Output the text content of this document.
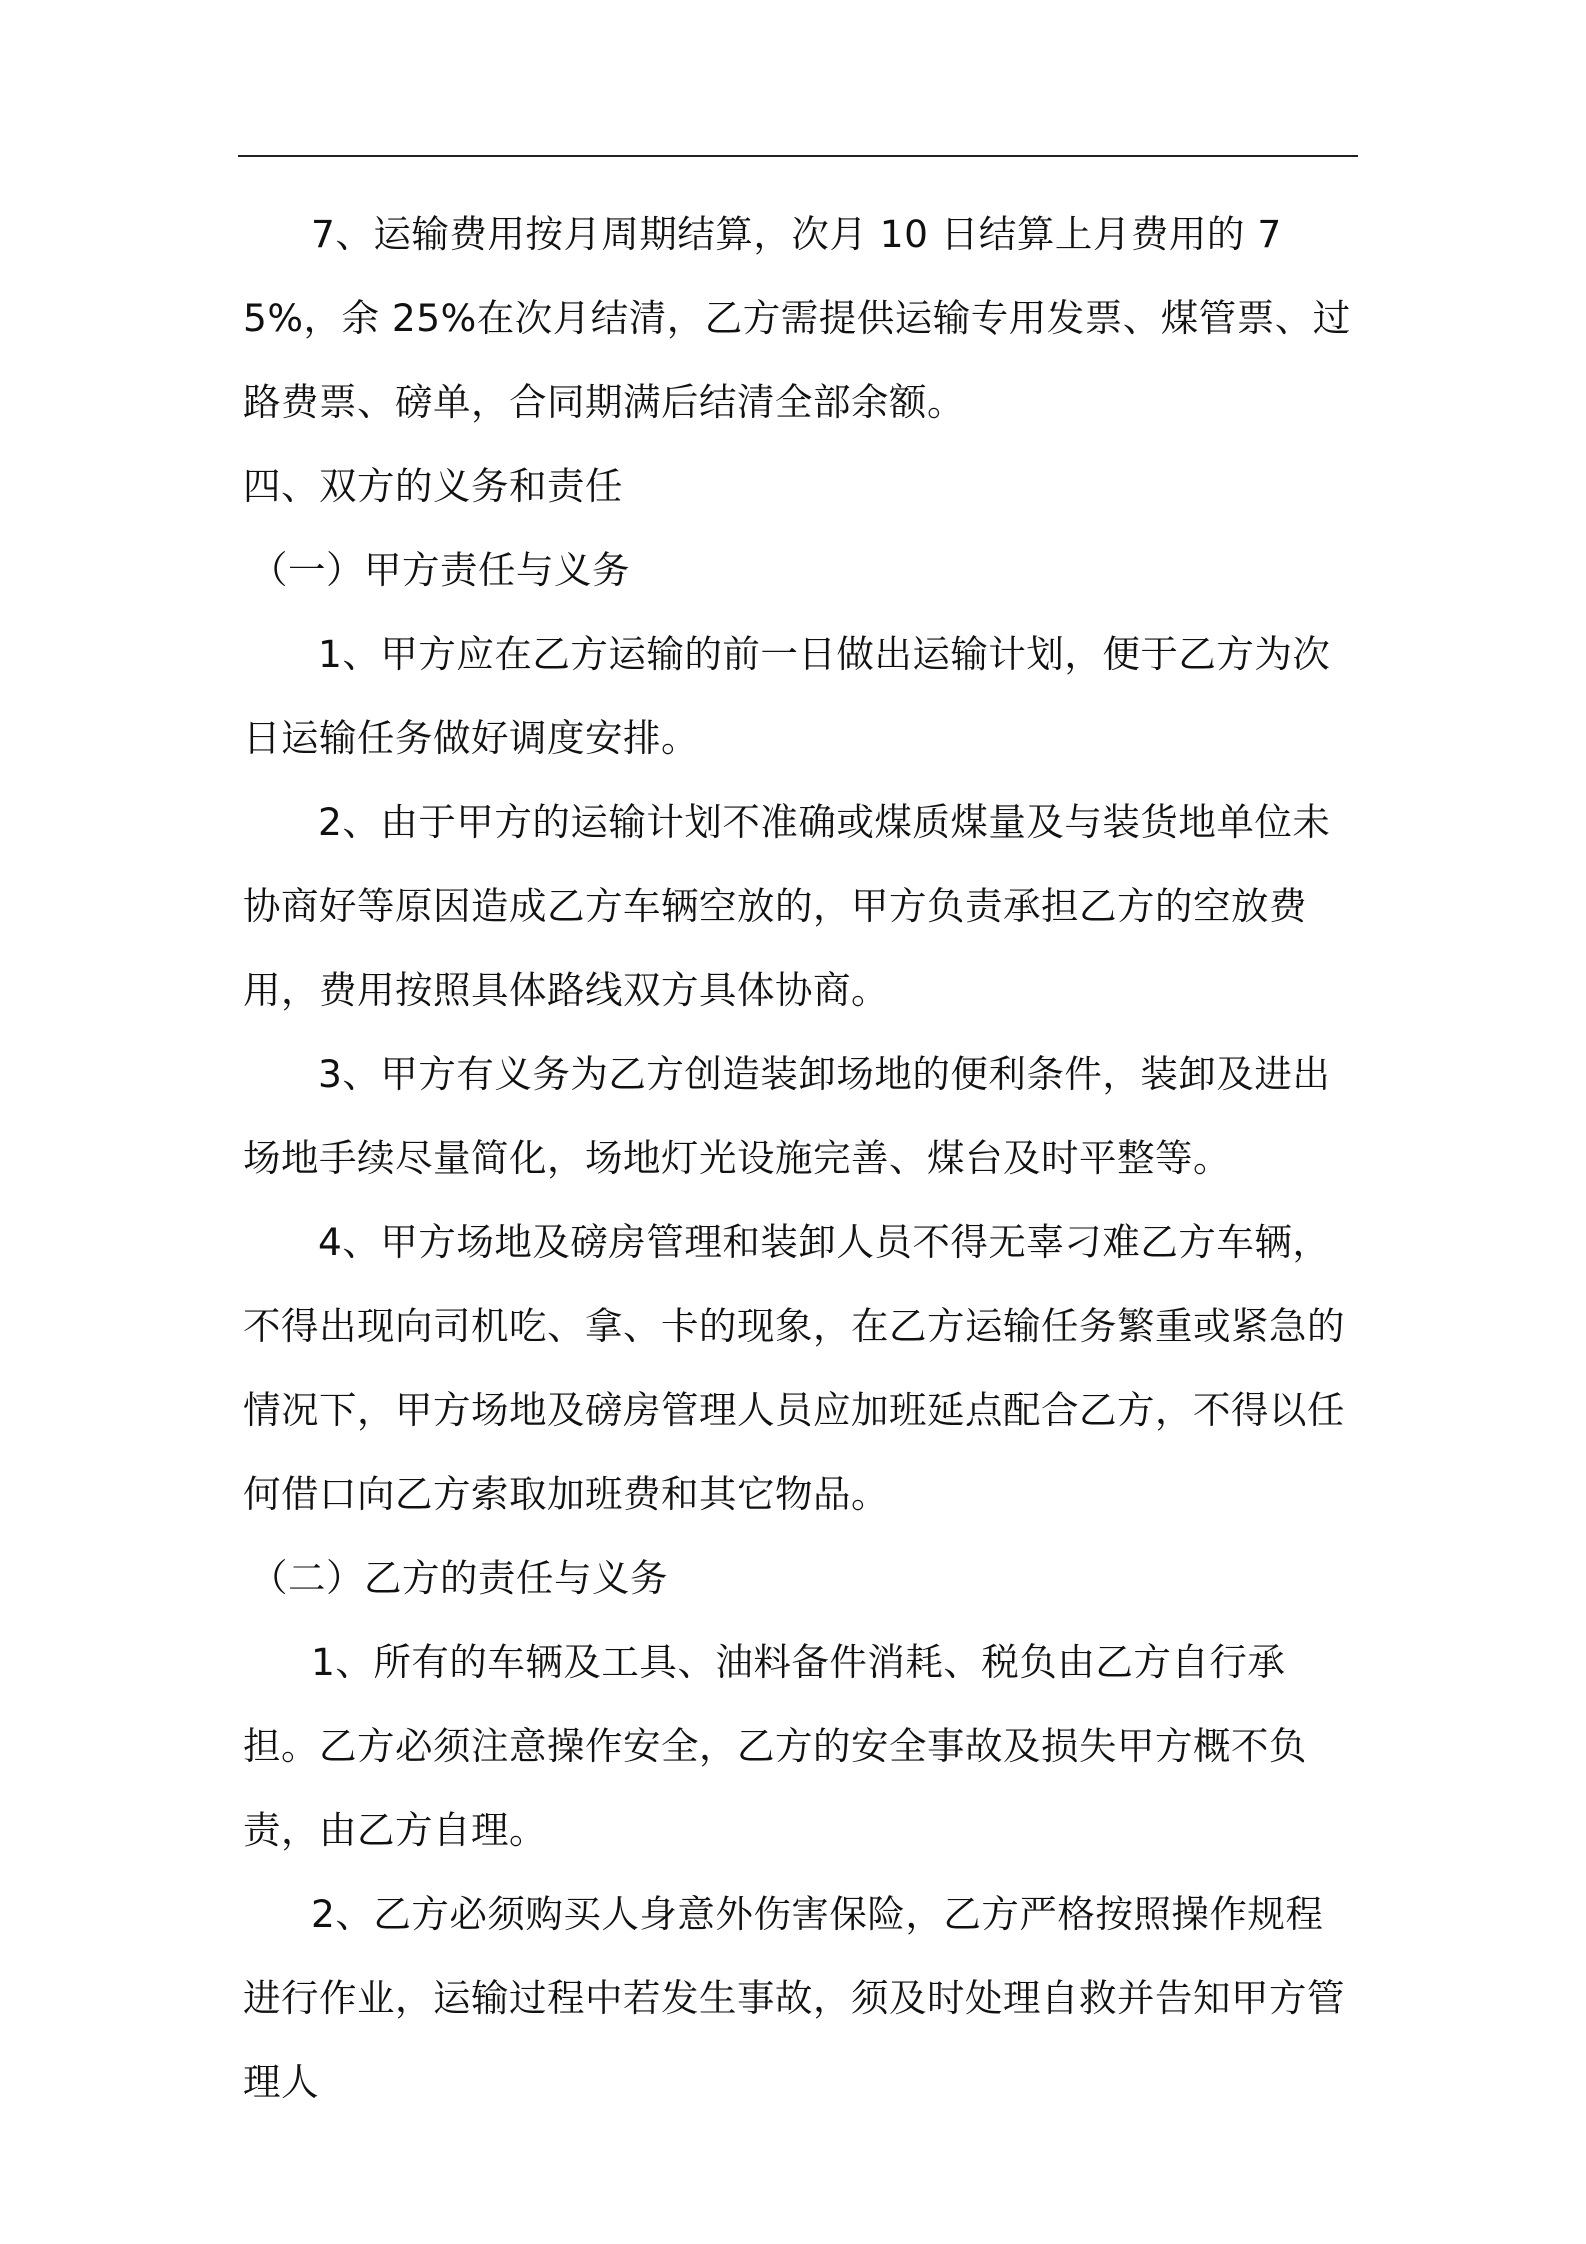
7、运输费用按月周期结算，次月 10 日结算上月费用的 75%，余 25%在次月结清，乙方需提供运输专用发票、煤管票、过路费票、磅单，合同期满后结清全部余额。

四、双方的义务和责任

（一）甲方责任与义务

1、甲方应在乙方运输的前一日做出运输计划，便于乙方为次日运输任务做好调度安排。

2、由于甲方的运输计划不准确或煤质煤量及与装货地单位未协商好等原因造成乙方车辆空放的，甲方负责承担乙方的空放费用，费用按照具体路线双方具体协商。

3、甲方有义务为乙方创造装卸场地的便利条件，装卸及进出场地手续尽量简化，场地灯光设施完善、煤台及时平整等。

4、甲方场地及磅房管理和装卸人员不得无辜刁难乙方车辆，不得出现向司机吃、拿、卡的现象，在乙方运输任务繁重或紧急的情况下，甲方场地及磅房管理人员应加班延点配合乙方，不得以任何借口向乙方索取加班费和其它物品。

（二）乙方的责任与义务

1、所有的车辆及工具、油料备件消耗、税负由乙方自行承担。乙方必须注意操作安全，乙方的安全事故及损失甲方概不负责，由乙方自理。

2、乙方必须购买人身意外伤害保险，乙方严格按照操作规程进行作业，运输过程中若发生事故，须及时处理自救并告知甲方管理人
